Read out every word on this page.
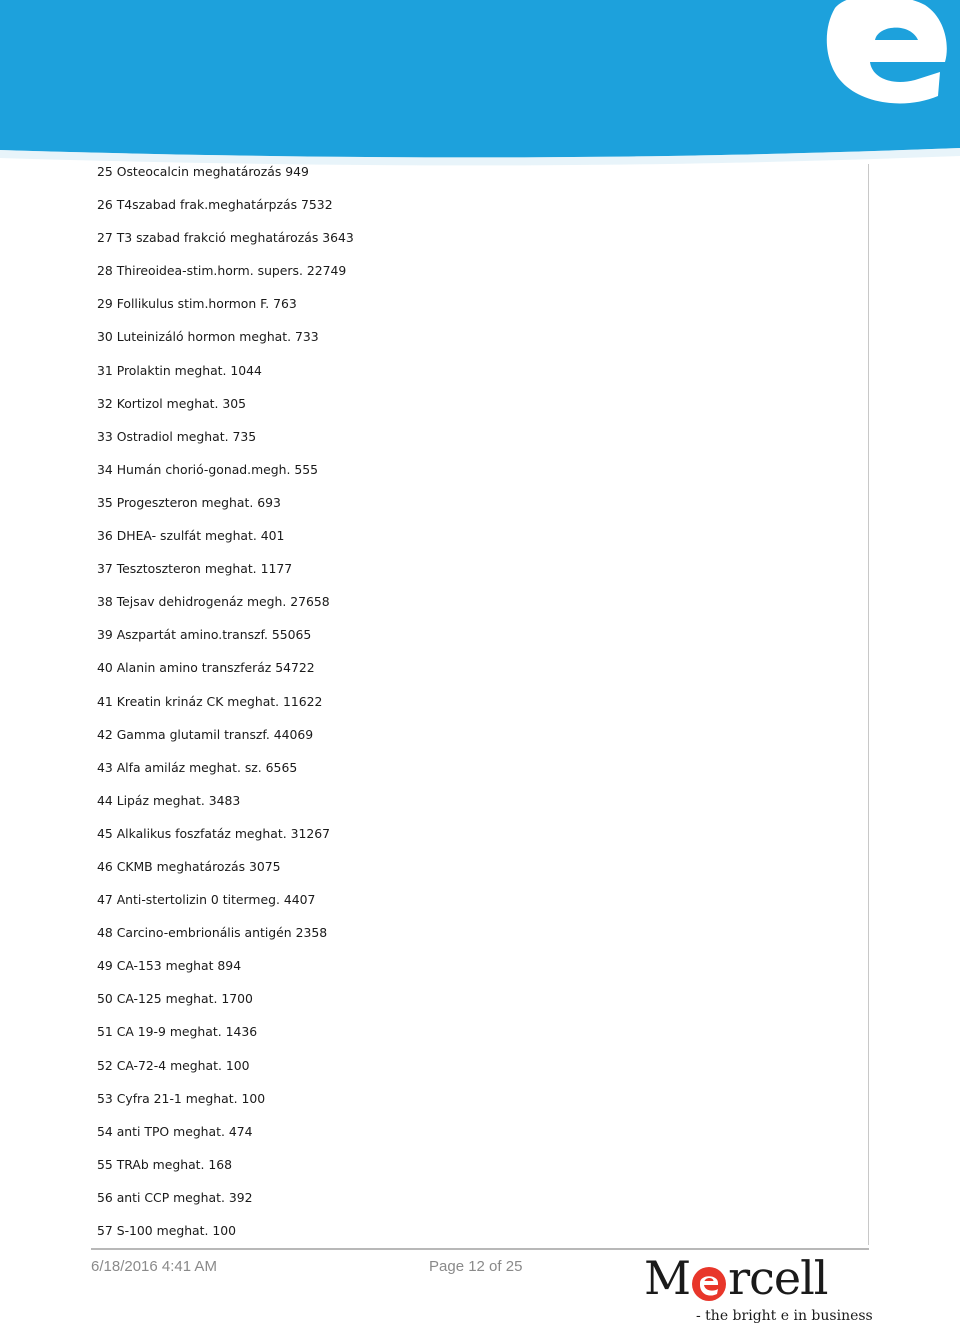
25 Osteocalcin meghatározás 949
26 T4szabad frak.meghatárpzás 7532
27 T3 szabad frakció meghatározás 3643
28 Thireoidea-stim.horm. supers. 22749
29 Follikulus stim.hormon F. 763
30 Luteinizáló hormon meghat. 733
31 Prolaktin meghat. 1044
32 Kortizol meghat. 305
33 Ostradiol meghat. 735
34 Humán chorió-gonad.megh. 555
35 Progeszteron meghat. 693
36 DHEA- szulfát meghat. 401
37 Tesztoszteron meghat. 1177
38 Tejsav dehidrogenáz megh. 27658
39 Aszpartát amino.transzf. 55065
40 Alanin amino transzferáz 54722
41 Kreatin krináz CK meghat. 11622
42 Gamma glutamil transzf. 44069
43 Alfa amiláz meghat. sz. 6565
44 Lipáz meghat. 3483
45 Alkalikus foszfatáz meghat. 31267
46 CKMB meghatározás 3075
47 Anti-stertolizin 0 titermeg. 4407
48 Carcino-embrionális antigén 2358
49 CA-153 meghat 894
50 CA-125 meghat. 1700
51 CA 19-9 meghat. 1436
52 CA-72-4 meghat. 100
53 Cyfra 21-1 meghat. 100
54 anti TPO meghat. 474
55 TRAb meghat. 168
56 anti CCP meghat. 392
57 S-100 meghat. 100
6/18/2016 4:41 AM	Page 12 of 25	M rcell
- the bright e in business
